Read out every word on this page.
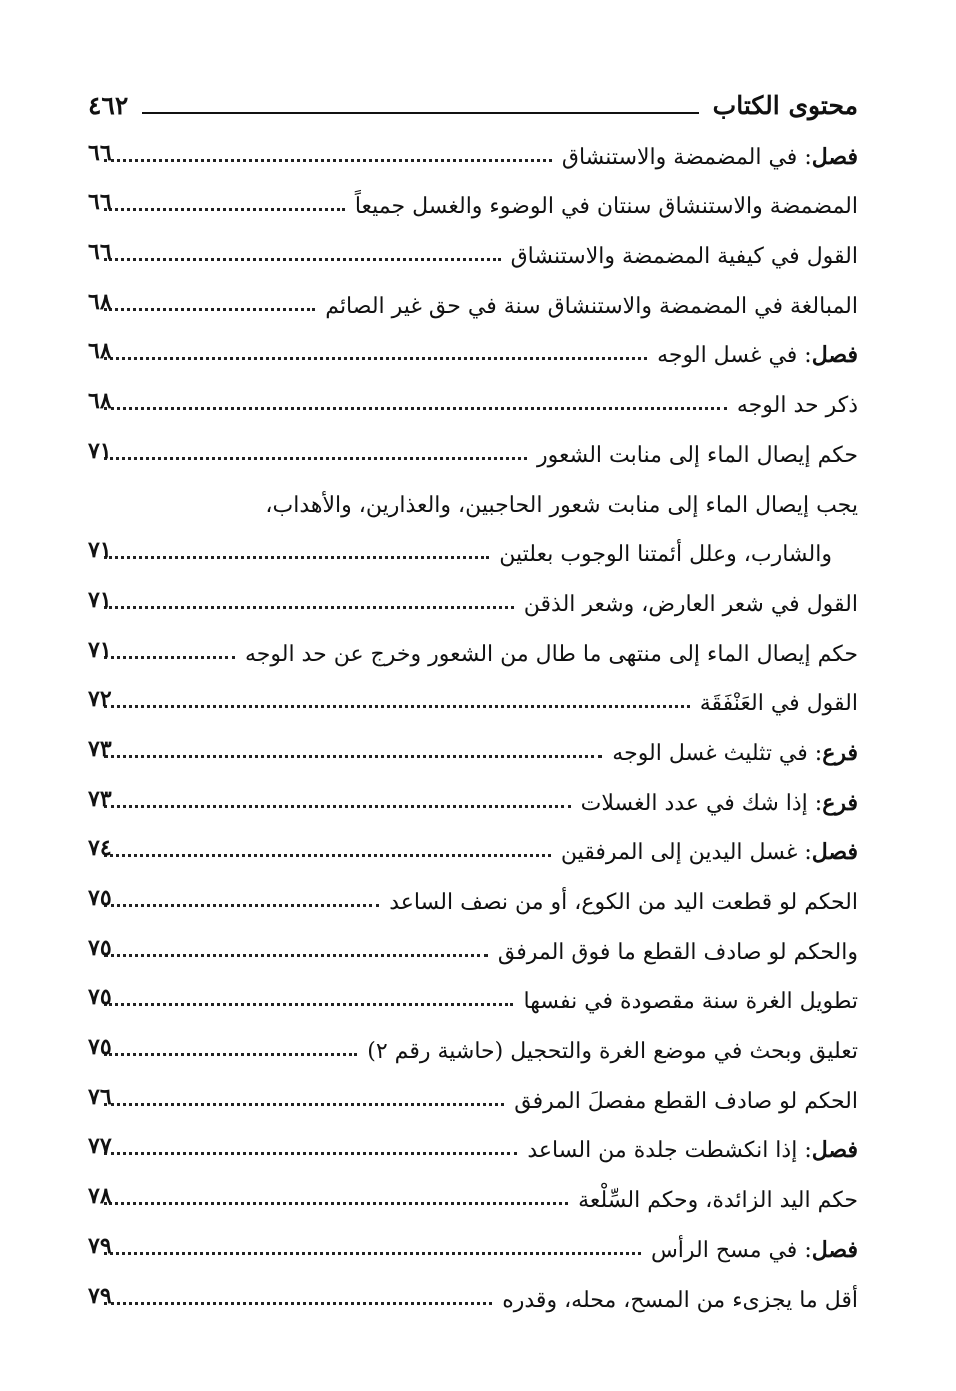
محتوى الكتاب
٤٦٢
فصل: في المضمضة والاستنشاق
٦٦
المضمضة والاستنشاق سنتان في الوضوء والغسل جميعاً
٦٦
القول في كيفية المضمضة والاستنشاق
٦٦
المبالغة في المضمضة والاستنشاق سنة في حق غير الصائم
٦٨
فصل: في غسل الوجه
٦٨
ذكر حد الوجه
٦٨
حكم إيصال الماء إلى منابت الشعور
٧١
يجب إيصال الماء إلى منابت شعور الحاجبين، والعذارين، والأهداب،
والشارب، وعلل أئمتنا الوجوب بعلتين
٧١
القول في شعر العارض، وشعر الذقن
٧١
حكم إيصال الماء إلى منتهى ما طال من الشعور وخرج عن حد الوجه
٧١
القول في العَنْفَقَة
٧٢
فرع: في تثليث غسل الوجه
٧٣
فرع: إذا شك في عدد الغسلات
٧٣
فصل: غسل اليدين إلى المرفقين
٧٤
الحكم لو قطعت اليد من الكوع، أو من نصف الساعد
٧٥
والحكم لو صادف القطع ما فوق المرفق
٧٥
تطويل الغرة سنة مقصودة في نفسها
٧٥
تعليق وبحث في موضع الغرة والتحجيل (حاشية رقم ٢)
٧٥
الحكم لو صادف القطع مفصلَ المرفق
٧٦
فصل: إذا انكشطت جلدة من الساعد
٧٧
حكم اليد الزائدة، وحكم السِّلْعة
٧٨
فصل: في مسح الرأس
٧٩
أقل ما يجزىء من المسح، محله، وقدره
٧٩
